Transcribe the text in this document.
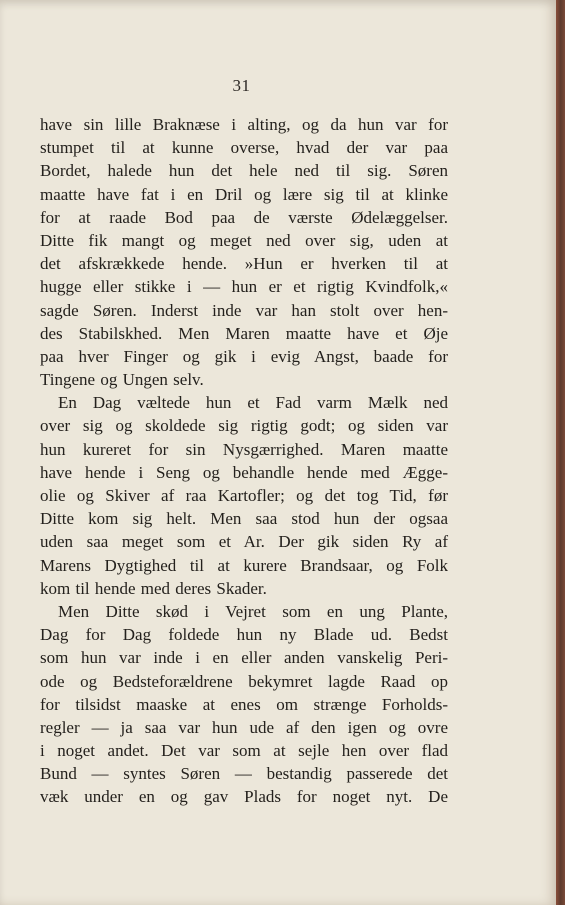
31
have sin lille Braknæse i alting, og da hun var for
stumpet til at kunne overse, hvad der var paa
Bordet, halede hun det hele ned til sig. Søren
maatte have fat i en Dril og lære sig til at klinke
for at raade Bod paa de værste Ødelæggelser.
Ditte fik mangt og meget ned over sig, uden at
det afskrækkede hende. »Hun er hverken til at
hugge eller stikke i — hun er et rigtig Kvindfolk,«
sagde Søren. Inderst inde var han stolt over hen-
des Stabilskhed. Men Maren maatte have et Øje
paa hver Finger og gik i evig Angst, baade for
Tingene og Ungen selv.
En Dag væltede hun et Fad varm Mælk ned
over sig og skoldede sig rigtig godt; og siden var
hun kureret for sin Nysgærrighed. Maren maatte
have hende i Seng og behandle hende med Ægge-
olie og Skiver af raa Kartofler; og det tog Tid, før
Ditte kom sig helt. Men saa stod hun der ogsaa
uden saa meget som et Ar. Der gik siden Ry af
Marens Dygtighed til at kurere Brandsaar, og Folk
kom til hende med deres Skader.
Men Ditte skød i Vejret som en ung Plante,
Dag for Dag foldede hun ny Blade ud. Bedst
som hun var inde i en eller anden vanskelig Peri-
ode og Bedsteforældrene bekymret lagde Raad op
for tilsidst maaske at enes om strænge Forholds-
regler — ja saa var hun ude af den igen og ovre
i noget andet. Det var som at sejle hen over flad
Bund — syntes Søren — bestandig passerede det
væk under en og gav Plads for noget nyt. De
